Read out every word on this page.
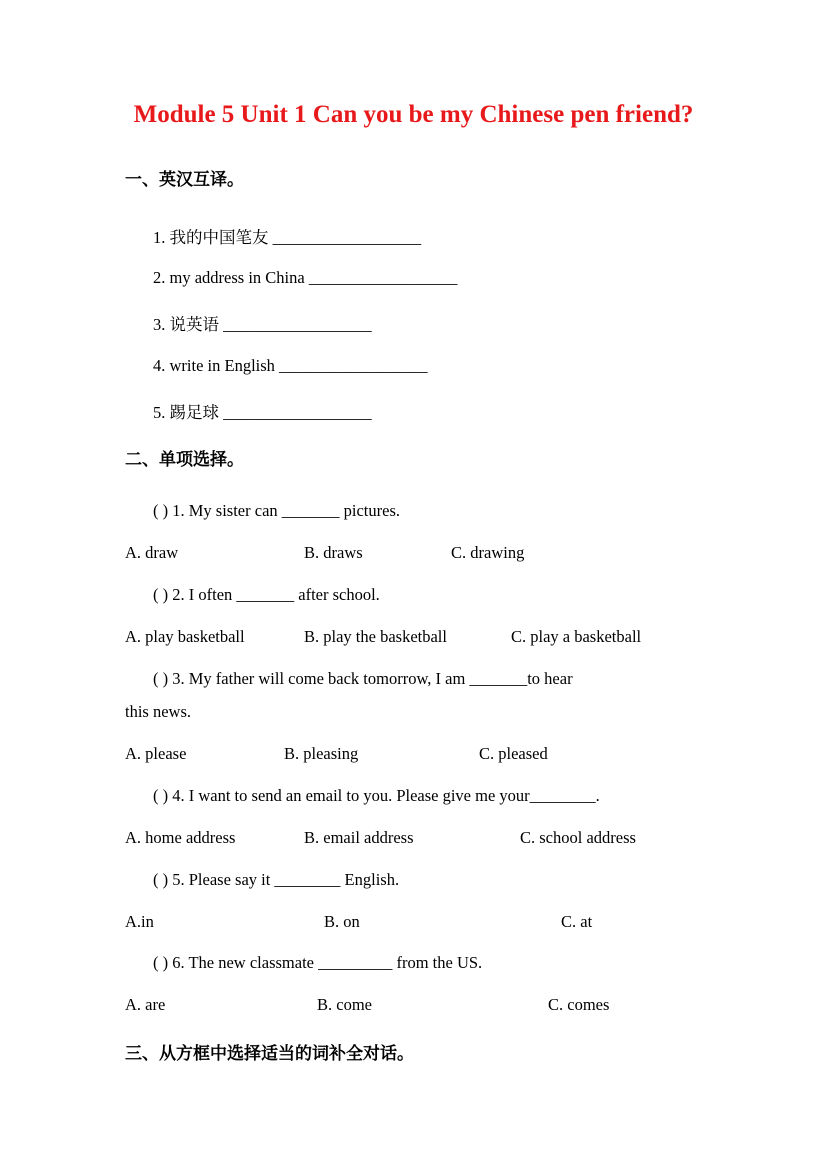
Module 5 Unit 1 Can you be my Chinese pen friend?
一、英汉互译。
1. 我的中国笔友 __________________
2. my address in China __________________
3. 说英语 __________________
4. write in English __________________
5. 踢足球 __________________
二、单项选择。
( ) 1. My sister can _______ pictures.
A. draw	B. draws	C. drawing
( ) 2. I often _______ after school.
A. play basketball	B. play the basketball	C. play a basketball
( ) 3. My father will come back tomorrow, I am _______to hear
this news.
A. please	B. pleasing	C. pleased
( ) 4. I want to send an email to you. Please give me your________.
A. home address	B. email address	C. school address
( ) 5. Please say it ________ English.
A.in	B. on	C. at
( ) 6. The new classmate _________ from the US.
A. are	B. come	C. comes
三、从方框中选择适当的词补全对话。
